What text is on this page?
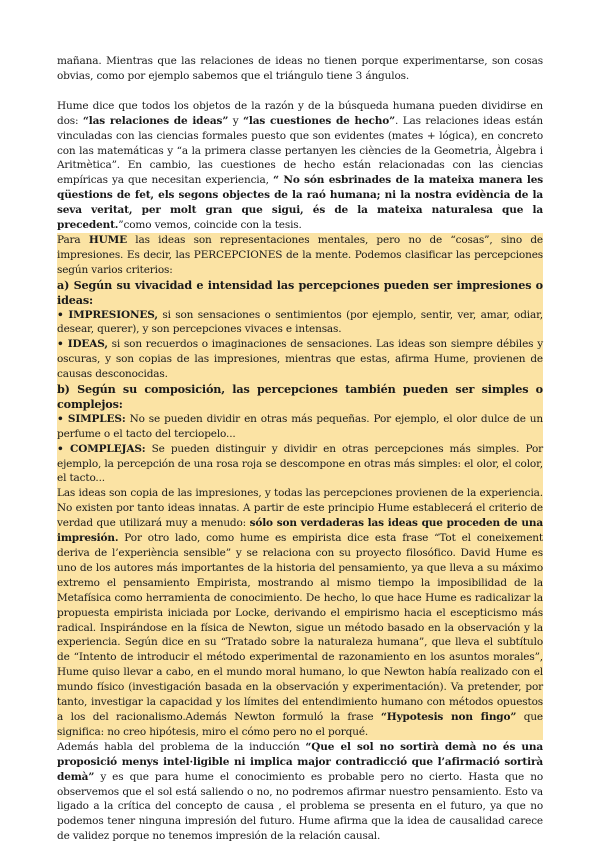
mañana. Mientras que las relaciones de ideas no tienen porque experimentarse, son cosas obvias, como por ejemplo sabemos que el triángulo tiene 3 ángulos.

Hume dice que todos los objetos de la razón y de la búsqueda humana pueden dividirse en dos: “las relaciones de ideas” y “las cuestiones de hecho”. Las relaciones ideas están vinculadas con las ciencias formales puesto que son evidentes (mates + lógica), en concreto con las matemáticas y “a la primera classe pertanyen les ciències de la Geometria, Àlgebra i Aritmètica”. En cambio, las cuestiones de hecho están relacionadas con las ciencias empíricas ya que necesitan experiencia, “ No són esbrinades de la mateixa manera les qüestions de fet, els segons objectes de la raó humana; ni la nostra evidència de la seva veritat, per molt gran que sigui, és de la mateixa naturalesa que la precedent.”como vemos, coincide con la tesis.

Para HUME las ideas son representaciones mentales, pero no de “cosas”, sino de impresiones. Es decir, las PERCEPCIONES de la mente. Podemos clasificar las percepciones según varios criterios:

a) Según su vivacidad e intensidad las percepciones pueden ser impresiones o ideas:

• IMPRESIONES, si son sensaciones o sentimientos (por ejemplo, sentir, ver, amar, odiar, desear, querer), y son percepciones vivaces e intensas.

• IDEAS, si son recuerdos o imaginaciones de sensaciones. Las ideas son siempre débiles y oscuras, y son copias de las impresiones, mientras que estas, afirma Hume, provienen de causas desconocidas.

b) Según su composición, las percepciones también pueden ser simples o complejos:

• SIMPLES: No se pueden dividir en otras más pequeñas. Por ejemplo, el olor dulce de un perfume o el tacto del terciopelo...

• COMPLEJAS: Se pueden distinguir y dividir en otras percepciones más simples. Por ejemplo, la percepción de una rosa roja se descompone en otras más simples: el olor, el color, el tacto...

Las ideas son copia de las impresiones, y todas las percepciones provienen de la experiencia. No existen por tanto ideas innatas. A partir de este principio Hume establecerá el criterio de verdad que utilizará muy a menudo: sólo son verdaderas las ideas que proceden de una impresión. Por otro lado, como hume es empirista dice esta frase “Tot el coneixement deriva de l’experiència sensible” y se relaciona con su proyecto filosófico. David Hume es uno de los autores más importantes de la historia del pensamiento, ya que lleva a su máximo extremo el pensamiento Empirista, mostrando al mismo tiempo la imposibilidad de la Metafísica como herramienta de conocimiento. De hecho, lo que hace Hume es radicalizar la propuesta empirista iniciada por Locke, derivando el empirismo hacia el escepticismo más radical. Inspirándose en la física de Newton, sigue un método basado en la observación y la experiencia. Según dice en su “Tratado sobre la naturaleza humana”, que lleva el subtítulo de “Intento de introducir el método experimental de razonamiento en los asuntos morales”, Hume quiso llevar a cabo, en el mundo moral humano, lo que Newton había realizado con el mundo físico (investigación basada en la observación y experimentación). Va pretender, por tanto, investigar la capacidad y los límites del entendimiento humano con métodos opuestos a los del racionalismo.Además Newton formuló la frase “Hypotesis non fingo” que significa: no creo hipótesis, miro el cómo pero no el porqué.

Además habla del problema de la inducción “Que el sol no sortirà demà no és una proposició menys intel·ligible ni implica major contradicció que l’afirmació sortirà demà” y es que para hume el conocimiento es probable pero no cierto. Hasta que no observemos que el sol está saliendo o no, no podremos afirmar nuestro pensamiento. Esto va ligado a la crítica del concepto de causa , el problema se presenta en el futuro, ya que no podemos tener ninguna impresión del futuro. Hume afirma que la idea de causalidad carece de validez porque no tenemos impresión de la relación causal.
